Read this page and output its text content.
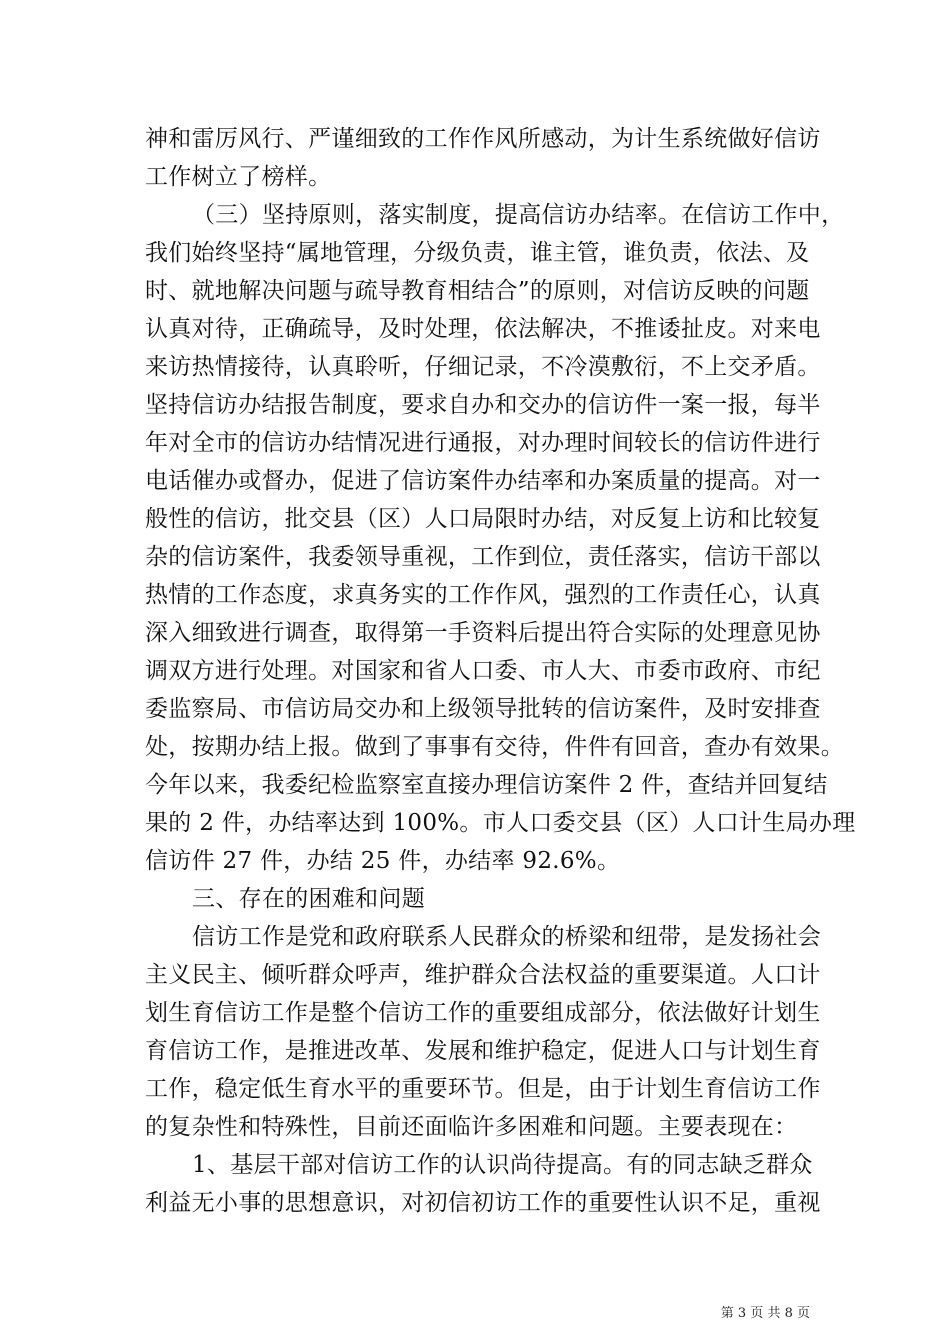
神和雷厉风行、严谨细致的工作作风所感动，为计生系统做好信访
工作树立了榜样。
（三）坚持原则，落实制度，提高信访办结率。在信访工作中，
我们始终坚持“属地管理，分级负责，谁主管，谁负责，依法、及
时、就地解决问题与疏导教育相结合”的原则，对信访反映的问题
认真对待，正确疏导，及时处理，依法解决，不推诿扯皮。对来电
来访热情接待，认真聆听，仔细记录，不冷漠敷衍，不上交矛盾。
坚持信访办结报告制度，要求自办和交办的信访件一案一报，每半
年对全市的信访办结情况进行通报，对办理时间较长的信访件进行
电话催办或督办，促进了信访案件办结率和办案质量的提高。对一
般性的信访，批交县（区）人口局限时办结，对反复上访和比较复
杂的信访案件，我委领导重视，工作到位，责任落实，信访干部以
热情的工作态度，求真务实的工作作风，强烈的工作责任心，认真
深入细致进行调查，取得第一手资料后提出符合实际的处理意见协
调双方进行处理。对国家和省人口委、市人大、市委市政府、市纪
委监察局、市信访局交办和上级领导批转的信访案件，及时安排查
处，按期办结上报。做到了事事有交待，件件有回音，查办有效果。
今年以来，我委纪检监察室直接办理信访案件 2 件，查结并回复结
果的 2 件，办结率达到 100%。市人口委交县（区）人口计生局办理
信访件 27 件，办结 25 件，办结率 92.6%。
三、存在的困难和问题
信访工作是党和政府联系人民群众的桥梁和纽带，是发扬社会
主义民主、倾听群众呼声，维护群众合法权益的重要渠道。人口计
划生育信访工作是整个信访工作的重要组成部分，依法做好计划生
育信访工作，是推进改革、发展和维护稳定，促进人口与计划生育
工作，稳定低生育水平的重要环节。但是，由于计划生育信访工作
的复杂性和特殊性，目前还面临许多困难和问题。主要表现在：
1、基层干部对信访工作的认识尚待提高。有的同志缺乏群众
利益无小事的思想意识，对初信初访工作的重要性认识不足，重视
第 3 页 共 8 页
